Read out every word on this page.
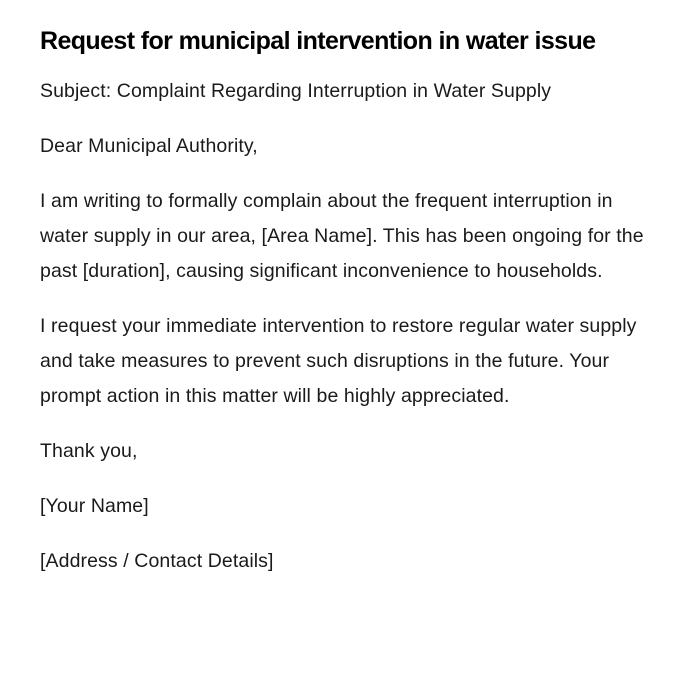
Request for municipal intervention in water issue

Subject: Complaint Regarding Interruption in Water Supply

Dear Municipal Authority,

I am writing to formally complain about the frequent interruption in water supply in our area, [Area Name]. This has been ongoing for the past [duration], causing significant inconvenience to households.

I request your immediate intervention to restore regular water supply and take measures to prevent such disruptions in the future. Your prompt action in this matter will be highly appreciated.

Thank you,

[Your Name]

[Address / Contact Details]
